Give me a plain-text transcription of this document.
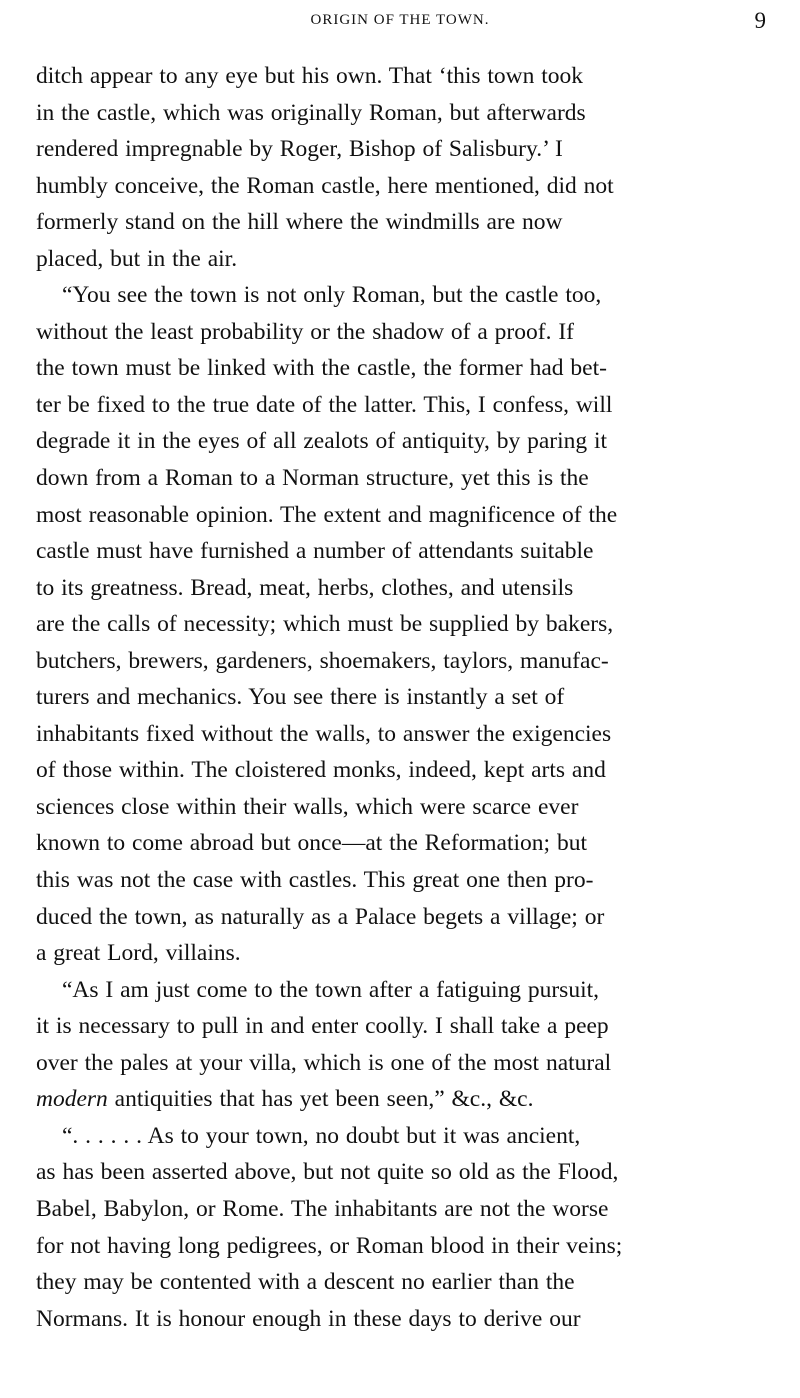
ORIGIN OF THE TOWN.	9
ditch appear to any eye but his own. That ‘this town took
in the castle, which was originally Roman, but afterwards
rendered impregnable by Roger, Bishop of Salisbury.’ I
humbly conceive, the Roman castle, here mentioned, did not
formerly stand on the hill where the windmills are now
placed, but in the air.
“You see the town is not only Roman, but the castle too,
without the least probability or the shadow of a proof. If
the town must be linked with the castle, the former had bet-
ter be fixed to the true date of the latter. This, I confess, will
degrade it in the eyes of all zealots of antiquity, by paring it
down from a Roman to a Norman structure, yet this is the
most reasonable opinion. The extent and magnificence of the
castle must have furnished a number of attendants suitable
to its greatness. Bread, meat, herbs, clothes, and utensils
are the calls of necessity; which must be supplied by bakers,
butchers, brewers, gardeners, shoemakers, taylors, manufac-
turers and mechanics. You see there is instantly a set of
inhabitants fixed without the walls, to answer the exigencies
of those within. The cloistered monks, indeed, kept arts and
sciences close within their walls, which were scarce ever
known to come abroad but once—at the Reformation; but
this was not the case with castles. This great one then pro-
duced the town, as naturally as a Palace begets a village; or
a great Lord, villains.
“As I am just come to the town after a fatiguing pursuit,
it is necessary to pull in and enter coolly. I shall take a peep
over the pales at your villa, which is one of the most natural
modern antiquities that has yet been seen,” &c., &c.
“. . . . . . As to your town, no doubt but it was ancient,
as has been asserted above, but not quite so old as the Flood,
Babel, Babylon, or Rome. The inhabitants are not the worse
for not having long pedigrees, or Roman blood in their veins;
they may be contented with a descent no earlier than the
Normans. It is honour enough in these days to derive our
